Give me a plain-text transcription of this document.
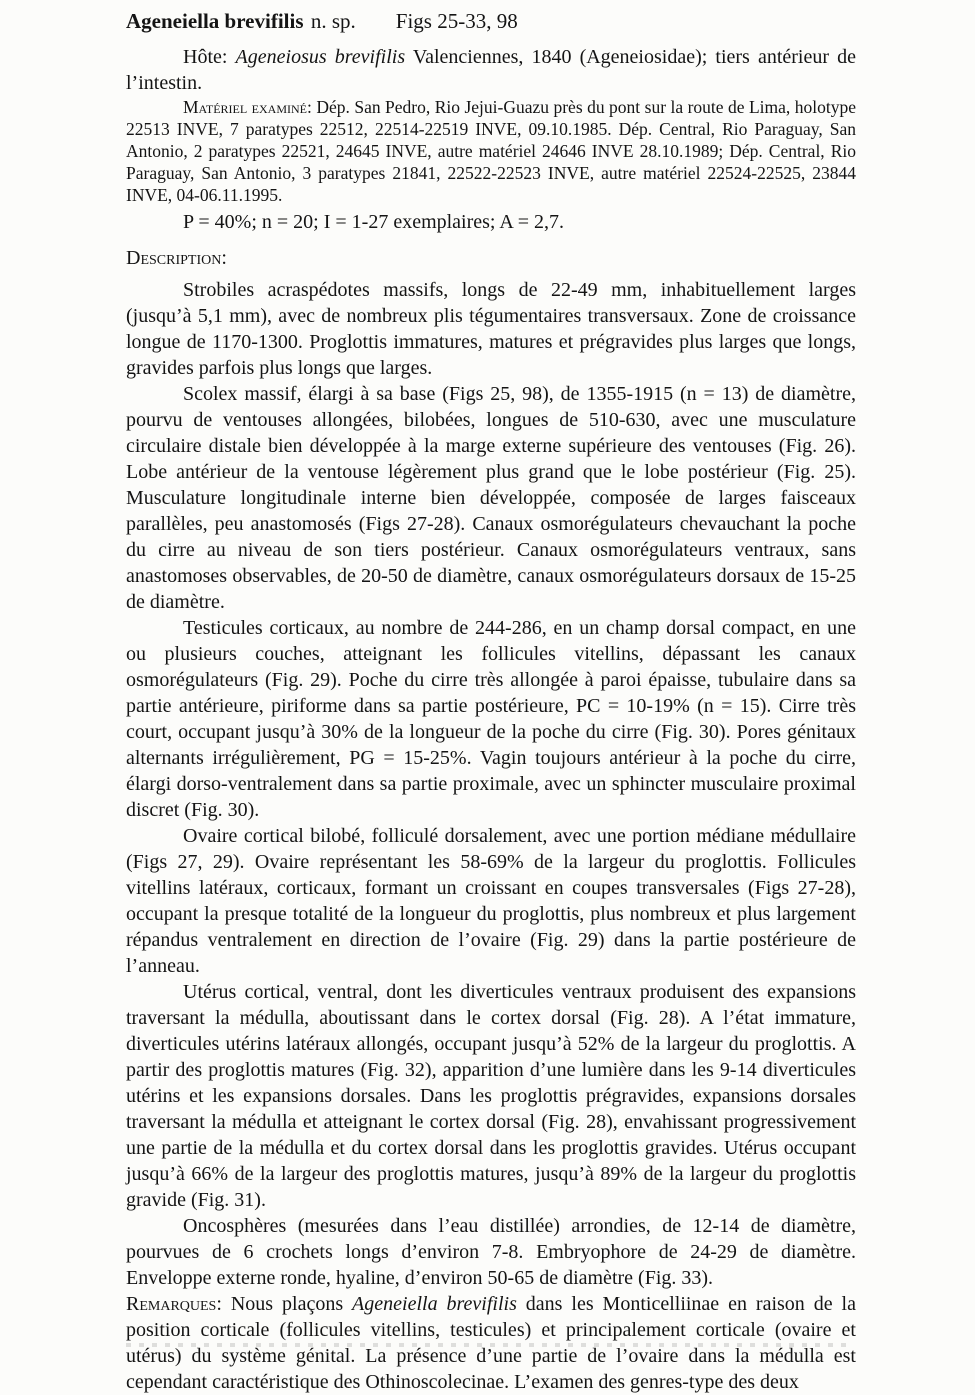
Ageneiella brevifilis n. sp. Figs 25-33, 98

Hôte: Ageneiosus brevifilis Valenciennes, 1840 (Ageneiosidae); tiers antérieur de l’intestin.

Matériel examiné: Dép. San Pedro, Rio Jejui-Guazu près du pont sur la route de Lima, holotype 22513 INVE, 7 paratypes 22512, 22514-22519 INVE, 09.10.1985. Dép. Central, Rio Paraguay, San Antonio, 2 paratypes 22521, 24645 INVE, autre matériel 24646 INVE 28.10.1989; Dép. Central, Rio Paraguay, San Antonio, 3 paratypes 21841, 22522-22523 INVE, autre matériel 22524-22525, 23844 INVE, 04-06.11.1995.

P = 40%; n = 20; I = 1-27 exemplaires; A = 2,7.

Description:

Strobiles acraspédotes massifs, longs de 22-49 mm, inhabituellement larges (jusqu’à 5,1 mm), avec de nombreux plis tégumentaires transversaux. Zone de croissance longue de 1170-1300. Proglottis immatures, matures et prégravides plus larges que longs, gravides parfois plus longs que larges.

Scolex massif, élargi à sa base (Figs 25, 98), de 1355-1915 (n = 13) de diamètre, pourvu de ventouses allongées, bilobées, longues de 510-630, avec une musculature circulaire distale bien développée à la marge externe supérieure des ventouses (Fig. 26). Lobe antérieur de la ventouse légèrement plus grand que le lobe postérieur (Fig. 25). Musculature longitudinale interne bien développée, composée de larges faisceaux parallèles, peu anastomosés (Figs 27-28). Canaux osmorégulateurs chevauchant la poche du cirre au niveau de son tiers postérieur. Canaux osmorégulateurs ventraux, sans anastomoses observables, de 20-50 de diamètre, canaux osmorégulateurs dorsaux de 15-25 de diamètre.

Testicules corticaux, au nombre de 244-286, en un champ dorsal compact, en une ou plusieurs couches, atteignant les follicules vitellins, dépassant les canaux osmorégulateurs (Fig. 29). Poche du cirre très allongée à paroi épaisse, tubulaire dans sa partie antérieure, piriforme dans sa partie postérieure, PC = 10-19% (n = 15). Cirre très court, occupant jusqu’à 30% de la longueur de la poche du cirre (Fig. 30). Pores génitaux alternants irrégulièrement, PG = 15-25%. Vagin toujours antérieur à la poche du cirre, élargi dorso-ventralement dans sa partie proximale, avec un sphincter musculaire proximal discret (Fig. 30).

Ovaire cortical bilobé, folliculé dorsalement, avec une portion médiane médullaire (Figs 27, 29). Ovaire représentant les 58-69% de la largeur du proglottis. Follicules vitellins latéraux, corticaux, formant un croissant en coupes transversales (Figs 27-28), occupant la presque totalité de la longueur du proglottis, plus nombreux et plus largement répandus ventralement en direction de l’ovaire (Fig. 29) dans la partie postérieure de l’anneau.

Utérus cortical, ventral, dont les diverticules ventraux produisent des expansions traversant la médulla, aboutissant dans le cortex dorsal (Fig. 28). A l’état immature, diverticules utérins latéraux allongés, occupant jusqu’à 52% de la largeur du proglottis. A partir des proglottis matures (Fig. 32), apparition d’une lumière dans les 9-14 diverticules utérins et les expansions dorsales. Dans les proglottis prégravides, expansions dorsales traversant la médulla et atteignant le cortex dorsal (Fig. 28), envahissant progressivement une partie de la médulla et du cortex dorsal dans les proglottis gravides. Utérus occupant jusqu’à 66% de la largeur des proglottis matures, jusqu’à 89% de la largeur du proglottis gravide (Fig. 31).

Oncosphères (mesurées dans l’eau distillée) arrondies, de 12-14 de diamètre, pourvues de 6 crochets longs d’environ 7-8. Embryophore de 24-29 de diamètre. Enveloppe externe ronde, hyaline, d’environ 50-65 de diamètre (Fig. 33).

Remarques: Nous plaçons Ageneiella brevifilis dans les Monticelliinae en raison de la position corticale (follicules vitellins, testicules) et principalement corticale (ovaire et utérus) du système génital. La présence d’une partie de l’ovaire dans la médulla est cependant caractéristique des Othinoscolecinae. L’examen des genres-type des deux
